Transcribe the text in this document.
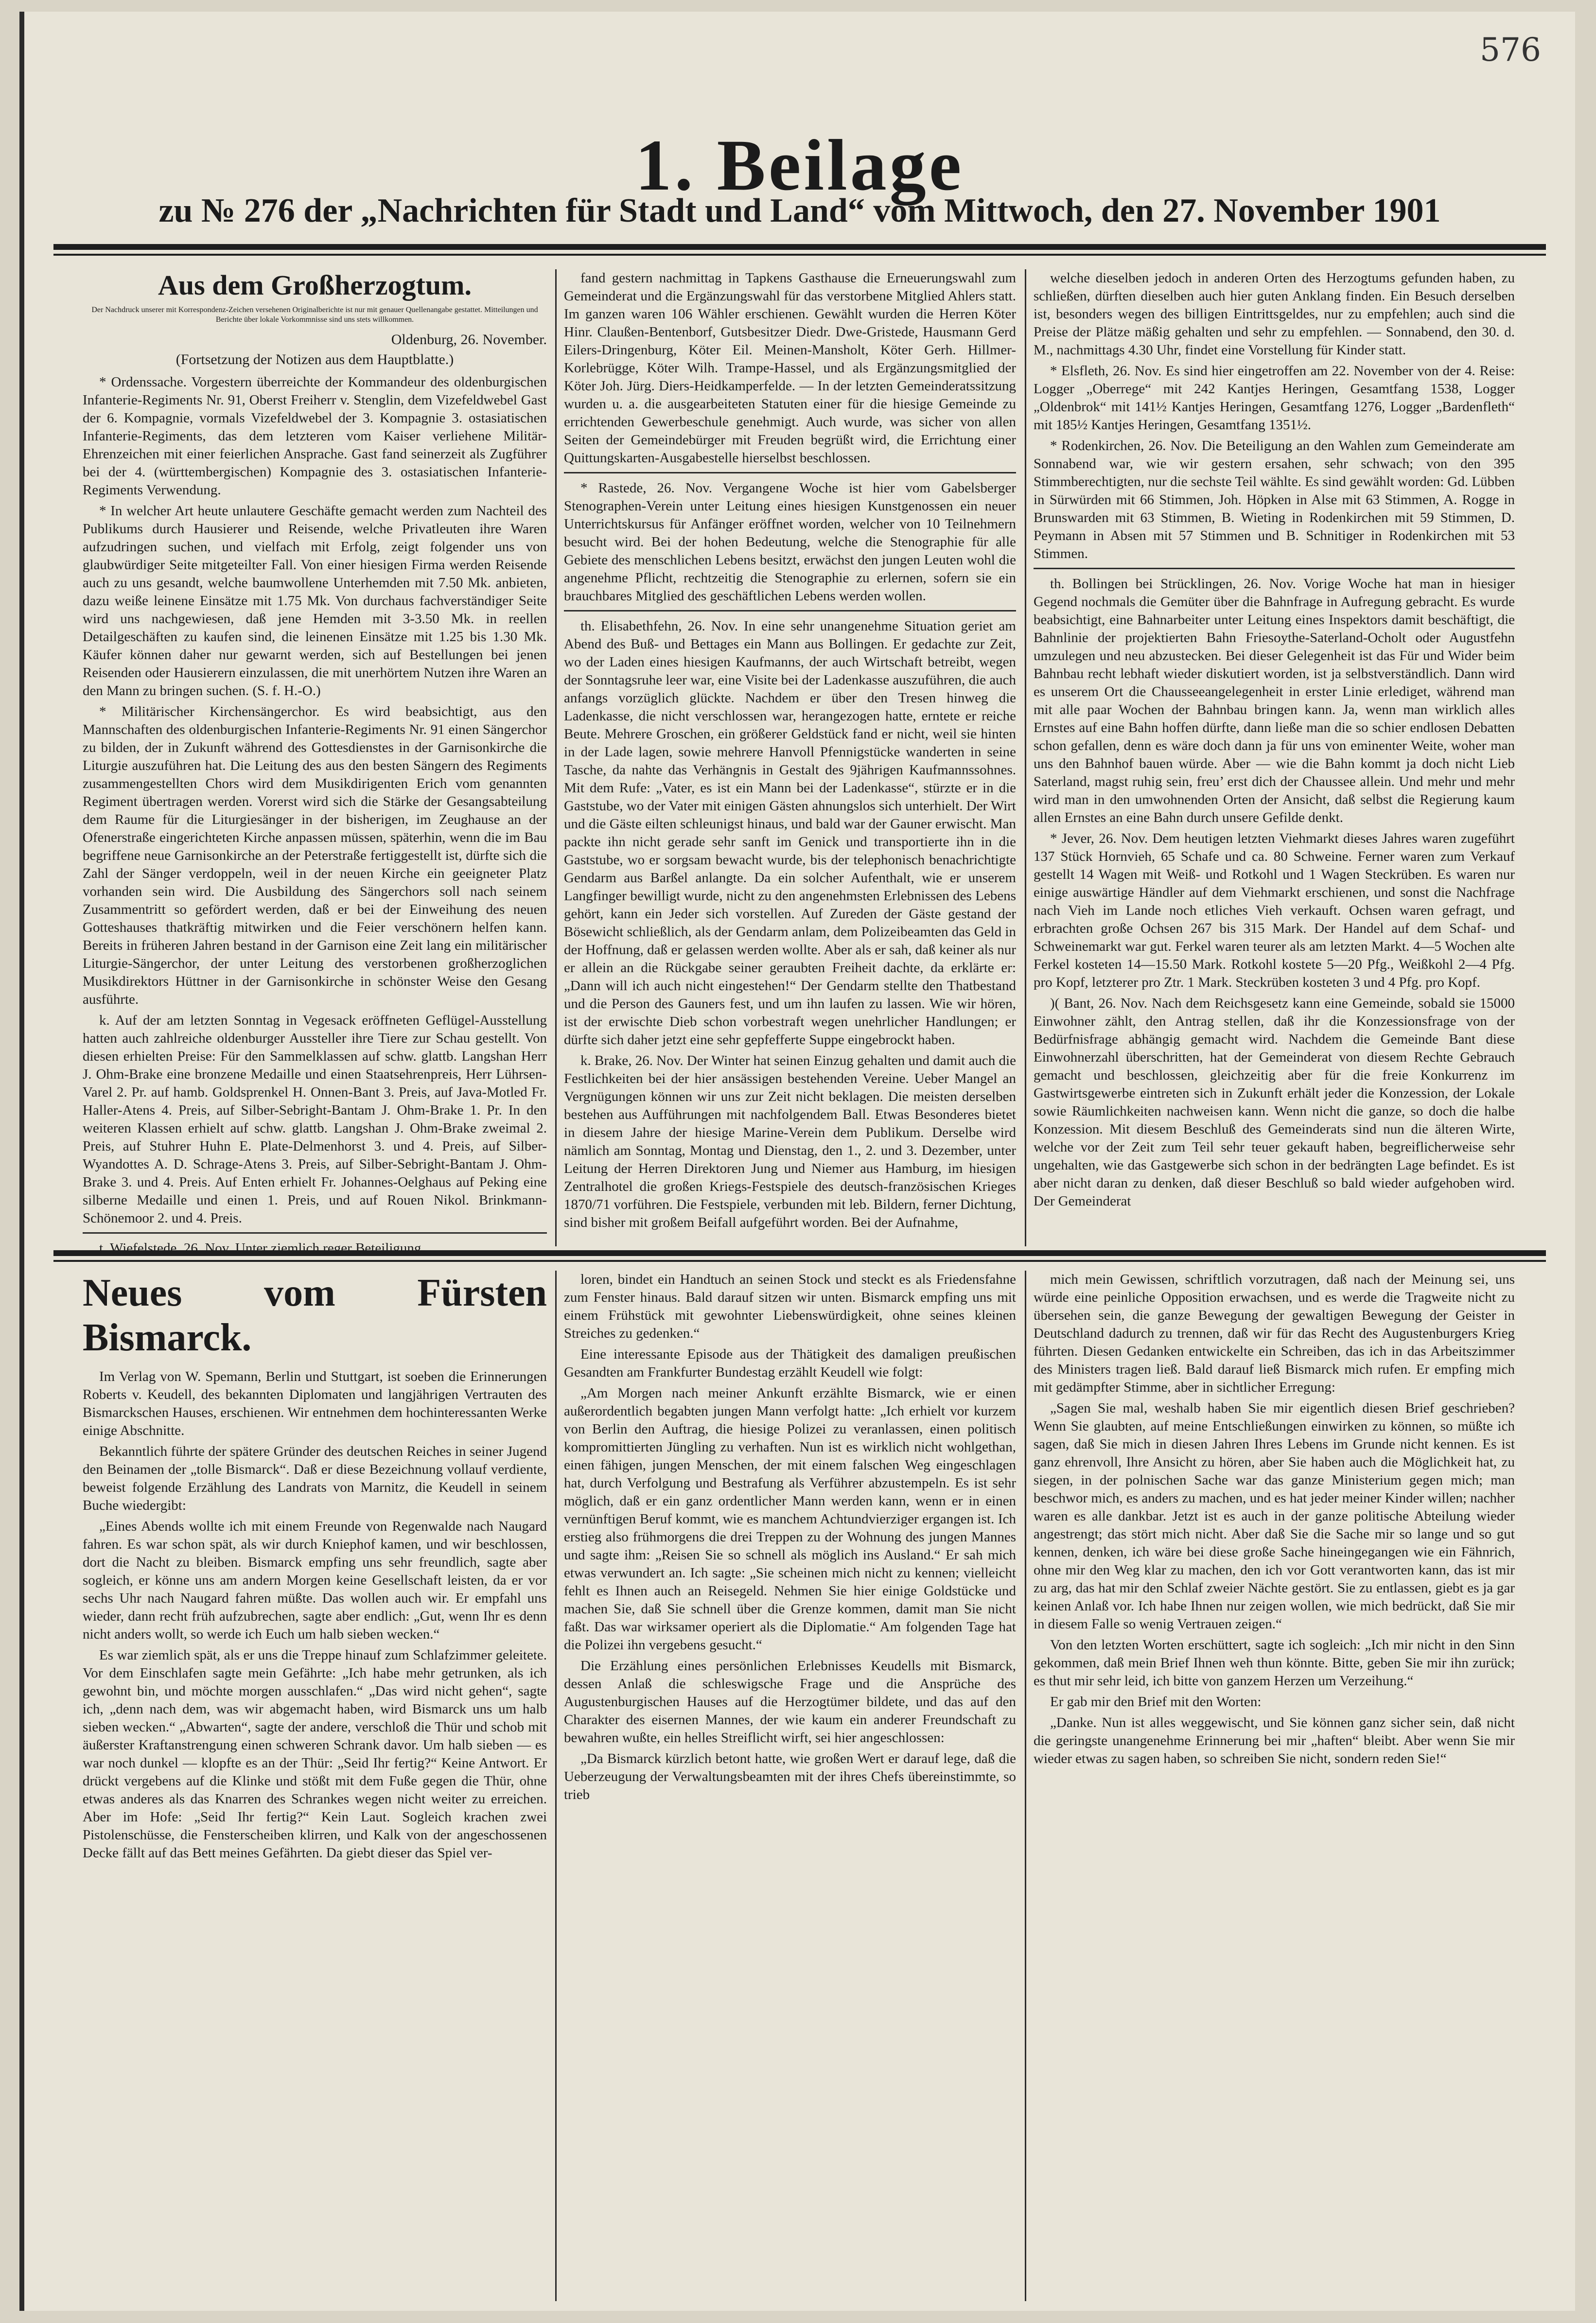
576
1. Beilage
zu № 276 der „Nachrichten für Stadt und Land“ vom Mittwoch, den 27. November 1901
Aus dem Großherzogtum.
Der Nachdruck unserer mit Korrespondenz-Zeichen versehenen Originalberichte ist nur mit genauer Quellenangabe gestattet. Mitteilungen und Berichte über lokale Vorkommnisse sind uns stets willkommen.
Oldenburg, 26. November.
(Fortsetzung der Notizen aus dem Hauptblatte.)

* Ordenssache. Vorgestern überreichte der Kommandeur des oldenburgischen Infanterie-Regiments Nr. 91, Oberst Freiherr v. Stenglin, dem Vizefeldwebel Gast der 6. Kompagnie, vormals Vizefeldwebel der 3. Kompagnie 3. ostasiatischen Infanterie-Regiments, das dem letzteren vom Kaiser verliehene Militär-Ehrenzeichen mit einer feierlichen Ansprache. Gast fand seinerzeit als Zugführer bei der 4. (württembergischen) Kompagnie des 3. ostasiatischen Infanterie-Regiments Verwendung.

* In welcher Art heute unlautere Geschäfte gemacht werden zum Nachteil des Publikums durch Hausierer und Reisende, welche Privatleuten ihre Waren aufzudringen suchen, und vielfach mit Erfolg, zeigt folgender uns von glaubwürdiger Seite mitgeteilter Fall. Von einer hiesigen Firma werden Reisende auch zu uns gesandt, welche baumwollene Unterhemden mit 7.50 Mk. anbieten, dazu weiße leinene Einsätze mit 1.75 Mk. Von durchaus fachverständiger Seite wird uns nachgewiesen, daß jene Hemden mit 3-3.50 Mk. in reellen Detailgeschäften zu kaufen sind, die leinenen Einsätze mit 1.25 bis 1.30 Mk. Käufer können daher nur gewarnt werden, sich auf Bestellungen bei jenen Reisenden oder Hausierern einzulassen, die mit unerhörtem Nutzen ihre Waren an den Mann zu bringen suchen. (S. f. H.-O.)

* Militärischer Kirchensängerchor. Es wird beabsichtigt, aus den Mannschaften des oldenburgischen Infanterie-Regiments Nr. 91 einen Sängerchor zu bilden, der in Zukunft während des Gottesdienstes in der Garnisonkirche die Liturgie auszuführen hat. Die Leitung des aus den besten Sängern des Regiments zusammengestellten Chors wird dem Musikdirigenten Erich vom genannten Regiment übertragen werden. Vorerst wird sich die Stärke der Gesangsabteilung dem Raume für die Liturgiesänger in der bisherigen, im Zeughause an der Ofenerstraße eingerichteten Kirche anpassen müssen, späterhin, wenn die im Bau begriffene neue Garnisonkirche an der Peterstraße fertiggestellt ist, dürfte sich die Zahl der Sänger verdoppeln, weil in der neuen Kirche ein geeigneter Platz vorhanden sein wird. Die Ausbildung des Sängerchors soll nach seinem Zusammentritt so gefördert werden, daß er bei der Einweihung des neuen Gotteshauses thatkräftig mitwirken und die Feier verschönern helfen kann. Bereits in früheren Jahren bestand in der Garnison eine Zeit lang ein militärischer Liturgie-Sängerchor, der unter Leitung des verstorbenen großherzoglichen Musikdirektors Hüttner in der Garnisonkirche in schönster Weise den Gesang ausführte.

k. Auf der am letzten Sonntag in Vegesack eröffneten Geflügel-Ausstellung hatten auch zahlreiche oldenburger Aussteller ihre Tiere zur Schau gestellt. Von diesen erhielten Preise: Für den Sammelklassen auf schw. glattb. Langshan Herr J. Ohm-Brake eine bronzene Medaille und einen Staatsehrenpreis, Herr Lührsen-Varel 2. Pr. auf hamb. Goldsprenkel H. Onnen-Bant 3. Preis, auf Java-Motled Fr. Haller-Atens 4. Preis, auf Silber-Sebright-Bantam J. Ohm-Brake 1. Pr. In den weiteren Klassen erhielt auf schw. glattb. Langshan J. Ohm-Brake zweimal 2. Preis, auf Stuhrer Huhn E. Plate-Delmenhorst 3. und 4. Preis, auf Silber-Wyandottes A. D. Schrage-Atens 3. Preis, auf Silber-Sebright-Bantam J. Ohm-Brake 3. und 4. Preis. Auf Enten erhielt Fr. Johannes-Oelghaus auf Peking eine silberne Medaille und einen 1. Preis, und auf Rouen Nikol. Brinkmann-Schönemoor 2. und 4. Preis.

t. Wiefelstede, 26. Nov. Unter ziemlich reger Beteiligung

fand gestern nachmittag in Tapkens Gasthause die Erneuerungswahl zum Gemeinderat und die Ergänzungswahl für das verstorbene Mitglied Ahlers statt. Im ganzen waren 106 Wähler erschienen. Gewählt wurden die Herren Köter Hinr. Claußen-Bentenborf, Gutsbesitzer Diedr. Dwe-Gristede, Hausmann Gerd Eilers-Dringenburg, Köter Eil. Meinen-Mansholt, Köter Gerh. Hillmer-Korlebrügge, Köter Wilh. Trampe-Hassel, und als Ergänzungsmitglied der Köter Joh. Jürg. Diers-Heidkamperfelde. — In der letzten Gemeinderatssitzung wurden u. a. die ausgearbeiteten Statuten einer für die hiesige Gemeinde zu errichtenden Gewerbeschule genehmigt. Auch wurde, was sicher von allen Seiten der Gemeindebürger mit Freuden begrüßt wird, die Errichtung einer Quittungskarten-Ausgabestelle hierselbst beschlossen.

* Rastede, 26. Nov. Vergangene Woche ist hier vom Gabelsberger Stenographen-Verein unter Leitung eines hiesigen Kunstgenossen ein neuer Unterrichtskursus für Anfänger eröffnet worden, welcher von 10 Teilnehmern besucht wird. Bei der hohen Bedeutung, welche die Stenographie für alle Gebiete des menschlichen Lebens besitzt, erwächst den jungen Leuten wohl die angenehme Pflicht, rechtzeitig die Stenographie zu erlernen, sofern sie ein brauchbares Mitglied des geschäftlichen Lebens werden wollen.

th. Elisabethfehn, 26. Nov. In eine sehr unangenehme Situation geriet am Abend des Buß- und Bettages ein Mann aus Bollingen. Er gedachte zur Zeit, wo der Laden eines hiesigen Kaufmanns, der auch Wirtschaft betreibt, wegen der Sonntagsruhe leer war, eine Visite bei der Ladenkasse auszuführen, die auch anfangs vorzüglich glückte. Nachdem er über den Tresen hinweg die Ladenkasse, die nicht verschlossen war, herangezogen hatte, erntete er reiche Beute. Mehrere Groschen, ein größerer Geldstück fand er nicht, weil sie hinten in der Lade lagen, sowie mehrere Hanvoll Pfennigstücke wanderten in seine Tasche, da nahte das Verhängnis in Gestalt des 9jährigen Kaufmannssohnes. Mit dem Rufe: „Vater, es ist ein Mann bei der Ladenkasse“, stürzte er in die Gaststube, wo der Vater mit einigen Gästen ahnungslos sich unterhielt. Der Wirt und die Gäste eilten schleunigst hinaus, und bald war der Gauner erwischt. Man packte ihn nicht gerade sehr sanft im Genick und transportierte ihn in die Gaststube, wo er sorgsam bewacht wurde, bis der telephonisch benachrichtigte Gendarm aus Barßel anlangte. Da ein solcher Aufenthalt, wie er unserem Langfinger bewilligt wurde, nicht zu den angenehmsten Erlebnissen des Lebens gehört, kann ein Jeder sich vorstellen. Auf Zureden der Gäste gestand der Bösewicht schließlich, als der Gendarm anlam, dem Polizeibeamten das Geld in der Hoffnung, daß er gelassen werden wollte. Aber als er sah, daß keiner als nur er allein an die Rückgabe seiner geraubten Freiheit dachte, da erklärte er: „Dann will ich auch nicht eingestehen!“ Der Gendarm stellte den Thatbestand und die Person des Gauners fest, und um ihn laufen zu lassen. Wie wir hören, ist der erwischte Dieb schon vorbestraft wegen unehrlicher Handlungen; er dürfte sich daher jetzt eine sehr gepfefferte Suppe eingebrockt haben.

k. Brake, 26. Nov. Der Winter hat seinen Einzug gehalten und damit auch die Festlichkeiten bei der hier ansässigen bestehenden Vereine. Ueber Mangel an Vergnügungen können wir uns zur Zeit nicht beklagen. Die meisten derselben bestehen aus Aufführungen mit nachfolgendem Ball. Etwas Besonderes bietet in diesem Jahre der hiesige Marine-Verein dem Publikum. Derselbe wird nämlich am Sonntag, Montag und Dienstag, den 1., 2. und 3. Dezember, unter Leitung der Herren Direktoren Jung und Niemer aus Hamburg, im hiesigen Zentralhotel die großen Kriegs-Festspiele des deutsch-französischen Krieges 1870/71 vorführen. Die Festspiele, verbunden mit leb. Bildern, ferner Dichtung, sind bisher mit großem Beifall aufgeführt worden. Bei der Aufnahme,

welche dieselben jedoch in anderen Orten des Herzogtums gefunden haben, zu schließen, dürften dieselben auch hier guten Anklang finden. Ein Besuch derselben ist, besonders wegen des billigen Eintrittsgeldes, nur zu empfehlen; auch sind die Preise der Plätze mäßig gehalten und sehr zu empfehlen. — Sonnabend, den 30. d. M., nachmittags 4.30 Uhr, findet eine Vorstellung für Kinder statt.

* Elsfleth, 26. Nov. Es sind hier eingetroffen am 22. November von der 4. Reise: Logger „Oberrege“ mit 242 Kantjes Heringen, Gesamtfang 1538, Logger „Oldenbrok“ mit 141½ Kantjes Heringen, Gesamtfang 1276, Logger „Bardenfleth“ mit 185½ Kantjes Heringen, Gesamtfang 1351½.

* Rodenkirchen, 26. Nov. Die Beteiligung an den Wahlen zum Gemeinderate am Sonnabend war, wie wir gestern ersahen, sehr schwach; von den 395 Stimmberechtigten, nur die sechste Teil wählte. Es sind gewählt worden: Gd. Lübben in Sürwürden mit 66 Stimmen, Joh. Höpken in Alse mit 63 Stimmen, A. Rogge in Brunswarden mit 63 Stimmen, B. Wieting in Rodenkirchen mit 59 Stimmen, D. Peymann in Absen mit 57 Stimmen und B. Schnitiger in Rodenkirchen mit 53 Stimmen.

th. Bollingen bei Strücklingen, 26. Nov. Vorige Woche hat man in hiesiger Gegend nochmals die Gemüter über die Bahnfrage in Aufregung gebracht. Es wurde beabsichtigt, eine Bahnarbeiter unter Leitung eines Inspektors damit beschäftigt, die Bahnlinie der projektierten Bahn Friesoythe-Saterland-Ocholt oder Augustfehn umzulegen und neu abzustecken. Bei dieser Gelegenheit ist das Für und Wider beim Bahnbau recht lebhaft wieder diskutiert worden, ist ja selbstverständlich. Dann wird es unserem Ort die Chausseeangelegenheit in erster Linie erlediget, während man mit alle paar Wochen der Bahnbau bringen kann. Ja, wenn man wirklich alles Ernstes auf eine Bahn hoffen dürfte, dann ließe man die so schier endlosen Debatten schon gefallen, denn es wäre doch dann ja für uns von eminenter Weite, woher man uns den Bahnhof bauen würde. Aber — wie die Bahn kommt ja doch nicht Lieb Saterland, magst ruhig sein, freu’ erst dich der Chaussee allein. Und mehr und mehr wird man in den umwohnenden Orten der Ansicht, daß selbst die Regierung kaum allen Ernstes an eine Bahn durch unsere Gefilde denkt.

* Jever, 26. Nov. Dem heutigen letzten Viehmarkt dieses Jahres waren zugeführt 137 Stück Hornvieh, 65 Schafe und ca. 80 Schweine. Ferner waren zum Verkauf gestellt 14 Wagen mit Weiß- und Rotkohl und 1 Wagen Steckrüben. Es waren nur einige auswärtige Händler auf dem Viehmarkt erschienen, und sonst die Nachfrage nach Vieh im Lande noch etliches Vieh verkauft. Ochsen waren gefragt, und erbrachten große Ochsen 267 bis 315 Mark. Der Handel auf dem Schaf- und Schweinemarkt war gut. Ferkel waren teurer als am letzten Markt. 4—5 Wochen alte Ferkel kosteten 14—15.50 Mark. Rotkohl kostete 5—20 Pfg., Weißkohl 2—4 Pfg. pro Kopf, letzterer pro Ztr. 1 Mark. Steckrüben kosteten 3 und 4 Pfg. pro Kopf.

)( Bant, 26. Nov. Nach dem Reichsgesetz kann eine Gemeinde, sobald sie 15000 Einwohner zählt, den Antrag stellen, daß ihr die Konzessionsfrage von der Bedürfnisfrage abhängig gemacht wird. Nachdem die Gemeinde Bant diese Einwohnerzahl überschritten, hat der Gemeinderat von diesem Rechte Gebrauch gemacht und beschlossen, gleichzeitig aber für die freie Konkurrenz im Gastwirtsgewerbe eintreten sich in Zukunft erhält jeder die Konzession, der Lokale sowie Räumlichkeiten nachweisen kann. Wenn nicht die ganze, so doch die halbe Konzession. Mit diesem Beschluß des Gemeinderats sind nun die älteren Wirte, welche vor der Zeit zum Teil sehr teuer gekauft haben, begreiflicherweise sehr ungehalten, wie das Gastgewerbe sich schon in der bedrängten Lage befindet. Es ist aber nicht daran zu denken, daß dieser Beschluß so bald wieder aufgehoben wird. Der Gemeinderat

Neues vom Fürsten Bismarck.

Im Verlag von W. Spemann, Berlin und Stuttgart, ist soeben die Erinnerungen Roberts v. Keudell, des bekannten Diplomaten und langjährigen Vertrauten des Bismarckschen Hauses, erschienen. Wir entnehmen dem hochinteressanten Werke einige Abschnitte.

Bekanntlich führte der spätere Gründer des deutschen Reiches in seiner Jugend den Beinamen der „tolle Bismarck“. Daß er diese Bezeichnung vollauf verdiente, beweist folgende Erzählung des Landrats von Marnitz, die Keudell in seinem Buche wiedergibt:

„Eines Abends wollte ich mit einem Freunde von Regenwalde nach Naugard fahren. Es war schon spät, als wir durch Kniephof kamen, und wir beschlossen, dort die Nacht zu bleiben. Bismarck empfing uns sehr freundlich, sagte aber sogleich, er könne uns am andern Morgen keine Gesellschaft leisten, da er vor sechs Uhr nach Naugard fahren müßte. Das wollen auch wir. Er empfahl uns wieder, dann recht früh aufzubrechen, sagte aber endlich: „Gut, wenn Ihr es denn nicht anders wollt, so werde ich Euch um halb sieben wecken.“

Es war ziemlich spät, als er uns die Treppe hinauf zum Schlafzimmer geleitete. Vor dem Einschlafen sagte mein Gefährte: „Ich habe mehr getrunken, als ich gewohnt bin, und möchte morgen ausschlafen.“ „Das wird nicht gehen“, sagte ich, „denn nach dem, was wir abgemacht haben, wird Bismarck uns um halb sieben wecken.“ „Abwarten“, sagte der andere, verschloß die Thür und schob mit äußerster Kraftanstrengung einen schweren Schrank davor. Um halb sieben — es war noch dunkel — klopfte es an der Thür: „Seid Ihr fertig?“ Keine Antwort. Er drückt vergebens auf die Klinke und stößt mit dem Fuße gegen die Thür, ohne etwas anderes als das Knarren des Schrankes wegen nicht weiter zu erreichen. Aber im Hofe: „Seid Ihr fertig?“ Kein Laut. Sogleich krachen zwei Pistolenschüsse, die Fensterscheiben klirren, und Kalk von der angeschossenen Decke fällt auf das Bett meines Gefährten. Da giebt dieser das Spiel ver-

loren, bindet ein Handtuch an seinen Stock und steckt es als Friedensfahne zum Fenster hinaus. Bald darauf sitzen wir unten. Bismarck empfing uns mit einem Frühstück mit gewohnter Liebenswürdigkeit, ohne seines kleinen Streiches zu gedenken.“

Eine interessante Episode aus der Thätigkeit des damaligen preußischen Gesandten am Frankfurter Bundestag erzählt Keudell wie folgt:

„Am Morgen nach meiner Ankunft erzählte Bismarck, wie er einen außerordentlich begabten jungen Mann verfolgt hatte: „Ich erhielt vor kurzem von Berlin den Auftrag, die hiesige Polizei zu veranlassen, einen politisch kompromittierten Jüngling zu verhaften. Nun ist es wirklich nicht wohlgethan, einen fähigen, jungen Menschen, der mit einem falschen Weg eingeschlagen hat, durch Verfolgung und Bestrafung als Verführer abzustempeln. Es ist sehr möglich, daß er ein ganz ordentlicher Mann werden kann, wenn er in einen vernünftigen Beruf kommt, wie es manchem Achtundvierziger ergangen ist. Ich erstieg also frühmorgens die drei Treppen zu der Wohnung des jungen Mannes und sagte ihm: „Reisen Sie so schnell als möglich ins Ausland.“ Er sah mich etwas verwundert an. Ich sagte: „Sie scheinen mich nicht zu kennen; vielleicht fehlt es Ihnen auch an Reisegeld. Nehmen Sie hier einige Goldstücke und machen Sie, daß Sie schnell über die Grenze kommen, damit man Sie nicht faßt. Das war wirksamer operiert als die Diplomatie.“ Am folgenden Tage hat die Polizei ihn vergebens gesucht.“

Die Erzählung eines persönlichen Erlebnisses Keudells mit Bismarck, dessen Anlaß die schleswigsche Frage und die Ansprüche des Augustenburgischen Hauses auf die Herzogtümer bildete, und das auf den Charakter des eisernen Mannes, der wie kaum ein anderer Freundschaft zu bewahren wußte, ein helles Streiflicht wirft, sei hier angeschlossen:

„Da Bismarck kürzlich betont hatte, wie großen Wert er darauf lege, daß die Ueberzeugung der Verwaltungsbeamten mit der ihres Chefs übereinstimmte, so trieb

mich mein Gewissen, schriftlich vorzutragen, daß nach der Meinung sei, uns würde eine peinliche Opposition erwachsen, und es werde die Tragweite nicht zu übersehen sein, die ganze Bewegung der gewaltigen Bewegung der Geister in Deutschland dadurch zu trennen, daß wir für das Recht des Augustenburgers Krieg führten. Diesen Gedanken entwickelte ein Schreiben, das ich in das Arbeitszimmer des Ministers tragen ließ. Bald darauf ließ Bismarck mich rufen. Er empfing mich mit gedämpfter Stimme, aber in sichtlicher Erregung:

„Sagen Sie mal, weshalb haben Sie mir eigentlich diesen Brief geschrieben? Wenn Sie glaubten, auf meine Entschließungen einwirken zu können, so müßte ich sagen, daß Sie mich in diesen Jahren Ihres Lebens im Grunde nicht kennen. Es ist ganz ehrenvoll, Ihre Ansicht zu hören, aber Sie haben auch die Möglichkeit hat, zu siegen, in der polnischen Sache war das ganze Ministerium gegen mich; man beschwor mich, es anders zu machen, und es hat jeder meiner Kinder willen; nachher waren es alle dankbar. Jetzt ist es auch in der ganze politische Abteilung wieder angestrengt; das stört mich nicht. Aber daß Sie die Sache mir so lange und so gut kennen, denken, ich wäre bei diese große Sache hineingegangen wie ein Fähnrich, ohne mir den Weg klar zu machen, den ich vor Gott verantworten kann, das ist mir zu arg, das hat mir den Schlaf zweier Nächte gestört. Sie zu entlassen, giebt es ja gar keinen Anlaß vor. Ich habe Ihnen nur zeigen wollen, wie mich bedrückt, daß Sie mir in diesem Falle so wenig Vertrauen zeigen.“

Von den letzten Worten erschüttert, sagte ich sogleich: „Ich mir nicht in den Sinn gekommen, daß mein Brief Ihnen weh thun könnte. Bitte, geben Sie mir ihn zurück; es thut mir sehr leid, ich bitte von ganzem Herzen um Verzeihung.“

Er gab mir den Brief mit den Worten:

„Danke. Nun ist alles weggewischt, und Sie können ganz sicher sein, daß nicht die geringste unangenehme Erinnerung bei mir „haften“ bleibt. Aber wenn Sie mir wieder etwas zu sagen haben, so schreiben Sie nicht, sondern reden Sie!“
